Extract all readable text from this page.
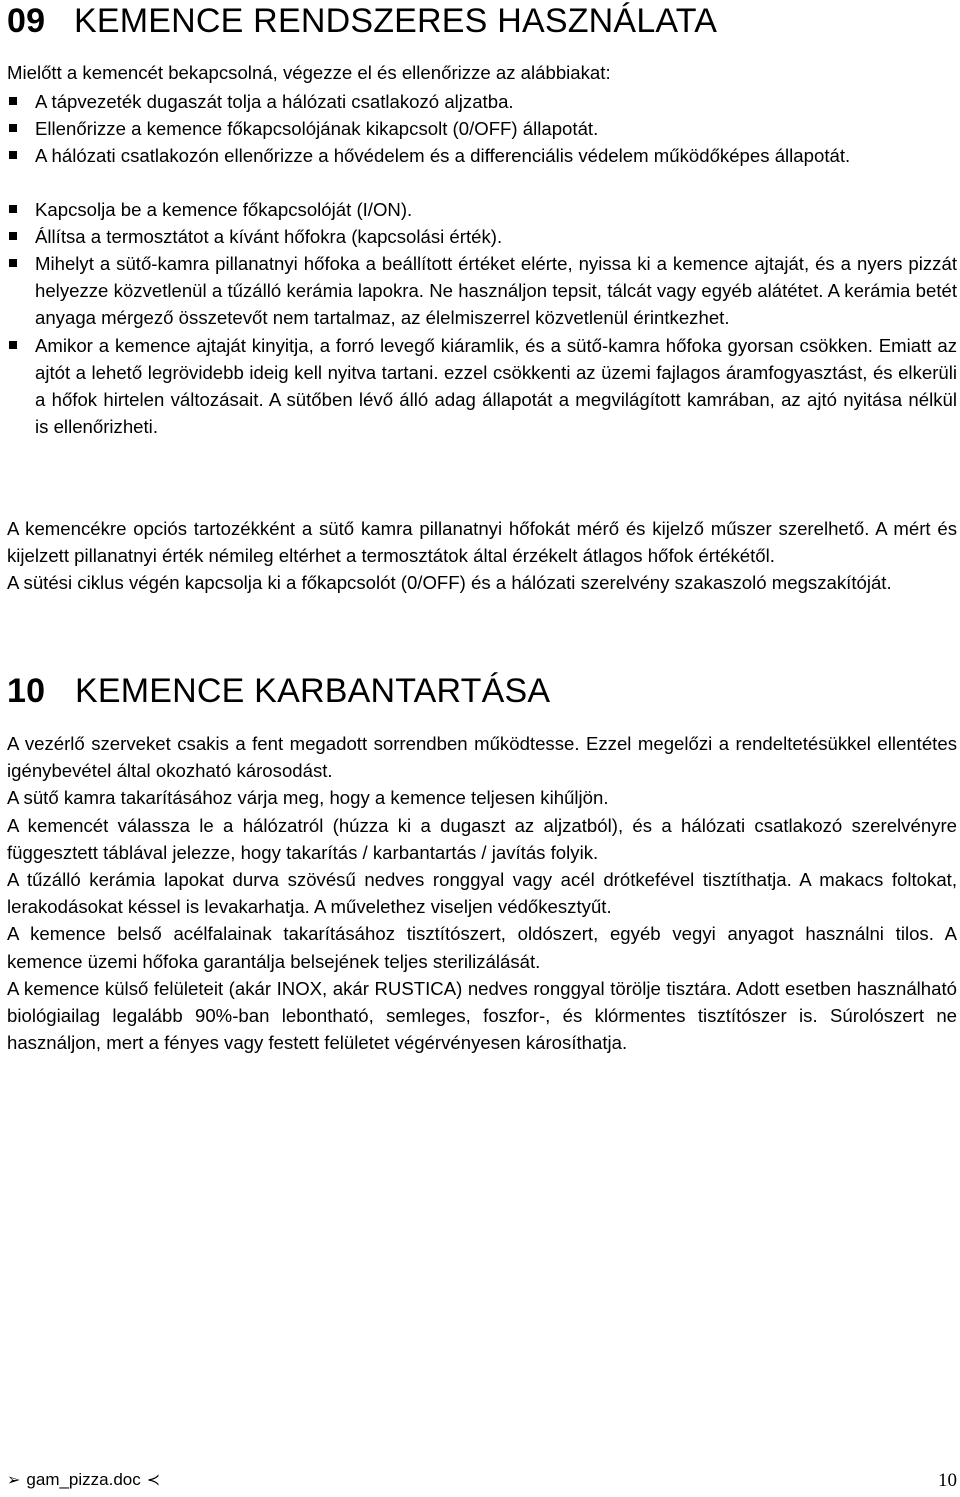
09 KEMENCE RENDSZERES HASZNÁLATA

Mielőtt a kemencét bekapcsolná, végezze el és ellenőrizze az alábbiakat:

A tápvezeték dugaszát tolja a hálózati csatlakozó aljzatba.

Ellenőrizze a kemence főkapcsolójának kikapcsolt (0/OFF) állapotát.

A hálózati csatlakozón ellenőrizze a hővédelem és a differenciális védelem működőképes állapotát.

Kapcsolja be a kemence főkapcsolóját (I/ON).

Állítsa a termosztátot a kívánt hőfokra (kapcsolási érték).

Mihelyt a sütő-kamra pillanatnyi hőfoka a beállított értéket elérte, nyissa ki a kemence ajtaját, és a nyers pizzát helyezze közvetlenül a tűzálló kerámia lapokra. Ne használjon tepsit, tálcát vagy egyéb alátétet. A kerámia betét anyaga mérgező összetevőt nem tartalmaz, az élelmiszerrel közvetlenül érintkezhet.

Amikor a kemence ajtaját kinyitja, a forró levegő kiáramlik, és a sütő-kamra hőfoka gyorsan csökken. Emiatt az ajtót a lehető legrövidebb ideig kell nyitva tartani. ezzel csökkenti az üzemi fajlagos áramfogyasztást, és elkerüli a hőfok hirtelen változásait. A sütőben lévő álló adag állapotát a megvilágított kamrában, az ajtó nyitása nélkül is ellenőrizheti.

A kemencékre opciós tartozékként a sütő kamra pillanatnyi hőfokát mérő és kijelző műszer szerelhető. A mért és kijelzett pillanatnyi érték némileg eltérhet a termosztátok által érzékelt átlagos hőfok értékétől.

A sütési ciklus végén kapcsolja ki a főkapcsolót (0/OFF) és a hálózati szerelvény szakaszoló megszakítóját.

10 KEMENCE KARBANTARTÁSA

A vezérlő szerveket csakis a fent megadott sorrendben működtesse. Ezzel megelőzi a rendeltetésükkel ellentétes igénybevétel által okozható károsodást.

A sütő kamra takarításához várja meg, hogy a kemence teljesen kihűljön.

A kemencét válassza le a hálózatról (húzza ki a dugaszt az aljzatból), és a hálózati csatlakozó szerelvényre függesztett táblával jelezze, hogy takarítás / karbantartás / javítás folyik.

A tűzálló kerámia lapokat durva szövésű nedves ronggyal vagy acél drótkefével tisztíthatja. A makacs foltokat, lerakodásokat késsel is levakarhatja. A művelethez viseljen védőkesztyűt.

A kemence belső acélfalainak takarításához tisztítószert, oldószert, egyéb vegyi anyagot használni tilos. A kemence üzemi hőfoka garantálja belsejének teljes sterilizálását.

A kemence külső felületeit (akár INOX, akár RUSTICA) nedves ronggyal törölje tisztára. Adott esetben használható biológiailag legalább 90%-ban lebontható, semleges, foszfor-, és klórmentes tisztítószer is. Súrolószert ne használjon, mert a fényes vagy festett felületet végérvényesen károsíthatja.

➢ gam_pizza.doc ≺	10
